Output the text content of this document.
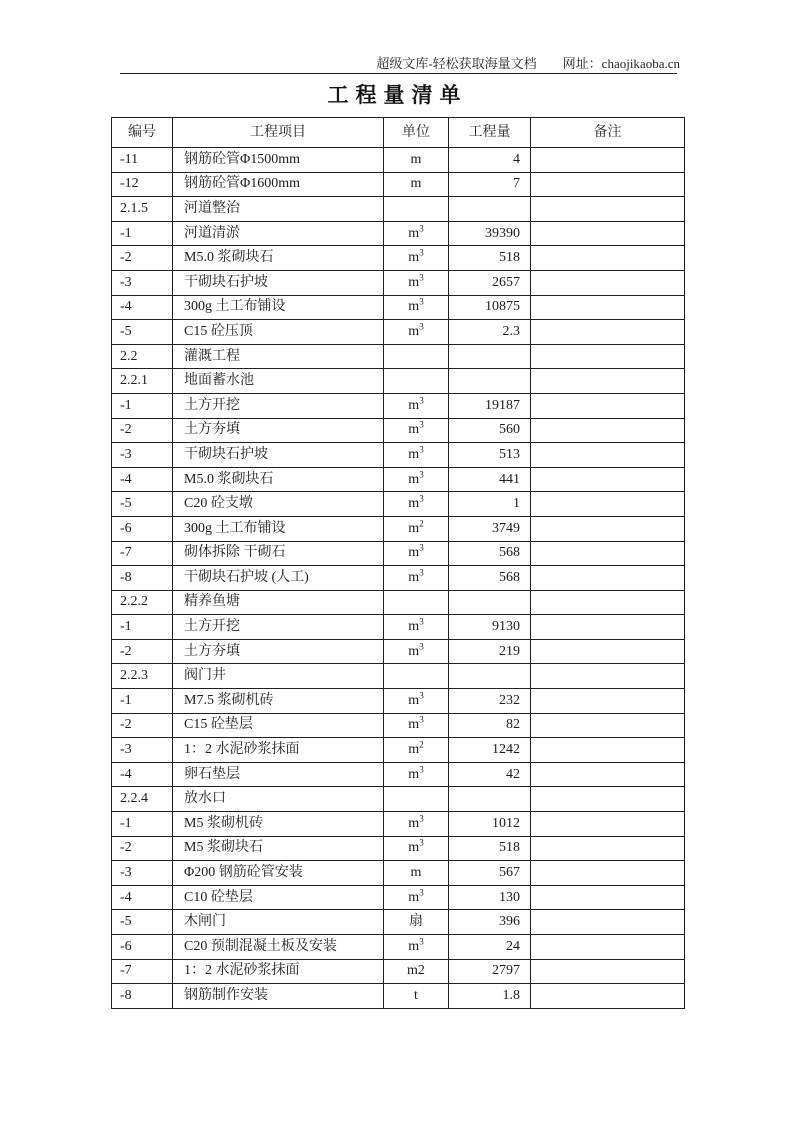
超级文库-轻松获取海量文档 网址：chaojikaoba.cn
工程量清单
编号	工程项目	单位	工程量	备注
-11	钢筋砼管Φ1500mm	m	4	
-12	钢筋砼管Φ1600mm	m	7	
2.1.5	河道整治			
-1	河道清淤	$m^3$	39390	
-2	M5.0 浆砌块石	$m^3$	518	
-3	干砌块石护坡	$m^3$	2657	
-4	300g 土工布铺设	$m^3$	10875	
-5	C15 砼压顶	$m^3$	2.3	
2.2	灌溉工程			
2.2.1	地面蓄水池			
-1	土方开挖	$m^3$	19187	
-2	土方夯填	$m^3$	560	
-3	干砌块石护坡	$m^3$	513	
-4	M5.0 浆砌块石	$m^3$	441	
-5	C20 砼支墩	$m^3$	1	
-6	300g 土工布铺设	$m^2$	3749	
-7	砌体拆除 干砌石	$m^3$	568	
-8	干砌块石护坡 (人工)	$m^3$	568	
2.2.2	精养鱼塘			
-1	土方开挖	$m^3$	9130	
-2	土方夯填	$m^3$	219	
2.2.3	阀门井			
-1	M7.5 浆砌机砖	$m^3$	232	
-2	C15 砼垫层	$m^3$	82	
-3	1：2 水泥砂浆抹面	$m^2$	1242	
-4	卵石垫层	$m^3$	42	
2.2.4	放水口			
-1	M5 浆砌机砖	$m^3$	1012	
-2	M5 浆砌块石	$m^3$	518	
-3	Φ200 钢筋砼管安装	m	567	
-4	C10 砼垫层	$m^3$	130	
-5	木闸门	扇	396	
-6	C20 预制混凝土板及安装	$m^3$	24	
-7	1：2 水泥砂浆抹面	m2	2797	
-8	钢筋制作安装	t	1.8	
